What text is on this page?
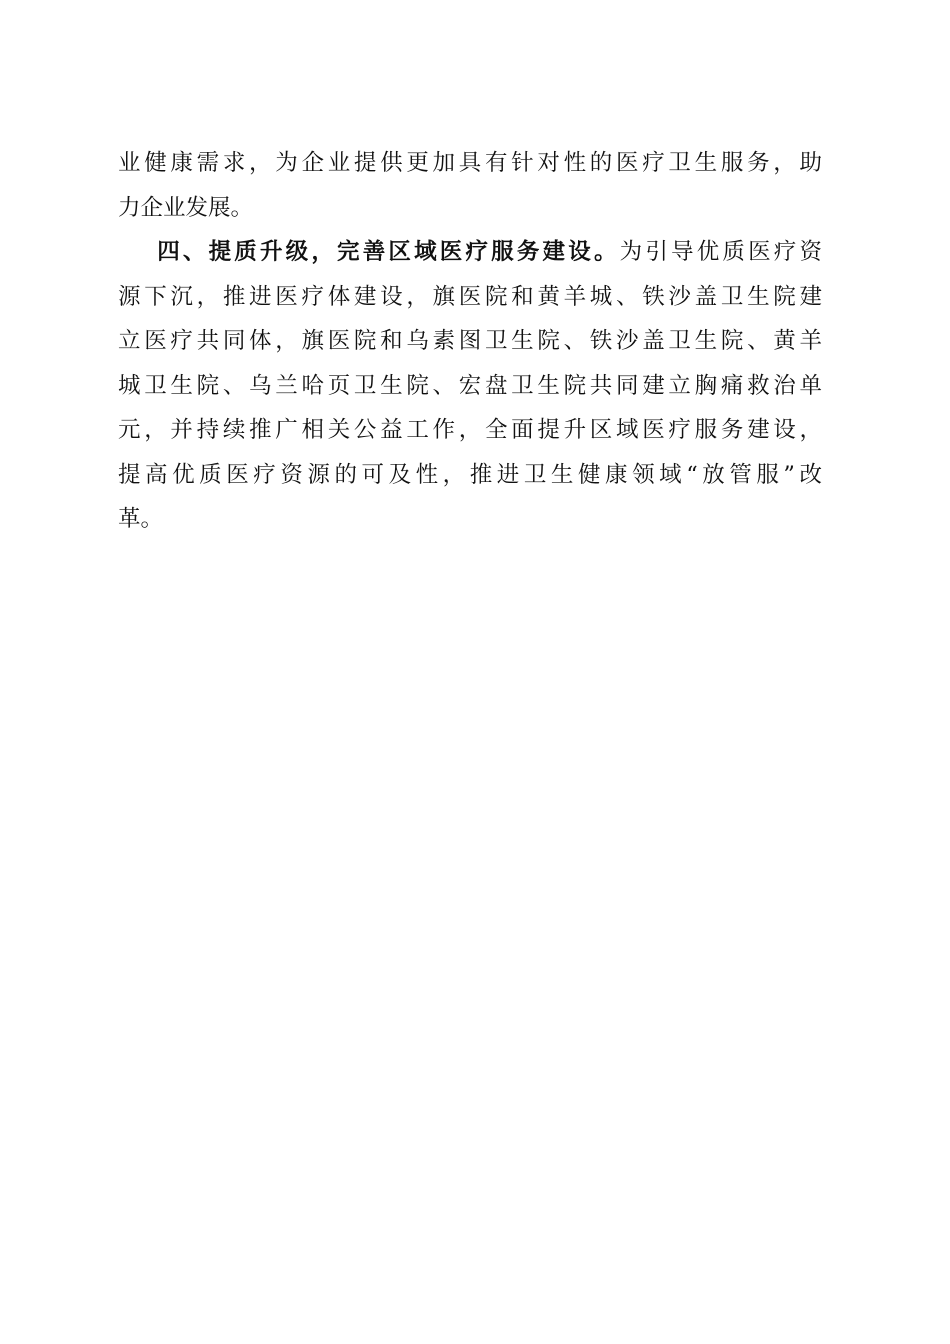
业健康需求，为企业提供更加具有针对性的医疗卫生服务，助
力企业发展。
四、提质升级，完善区域医疗服务建设。为引导优质医疗资
源下沉，推进医疗体建设，旗医院和黄羊城、铁沙盖卫生院建
立医疗共同体，旗医院和乌素图卫生院、铁沙盖卫生院、黄羊
城卫生院、乌兰哈页卫生院、宏盘卫生院共同建立胸痛救治单
元，并持续推广相关公益工作，全面提升区域医疗服务建设，
提高优质医疗资源的可及性，推进卫生健康领域“放管服”改
革。
